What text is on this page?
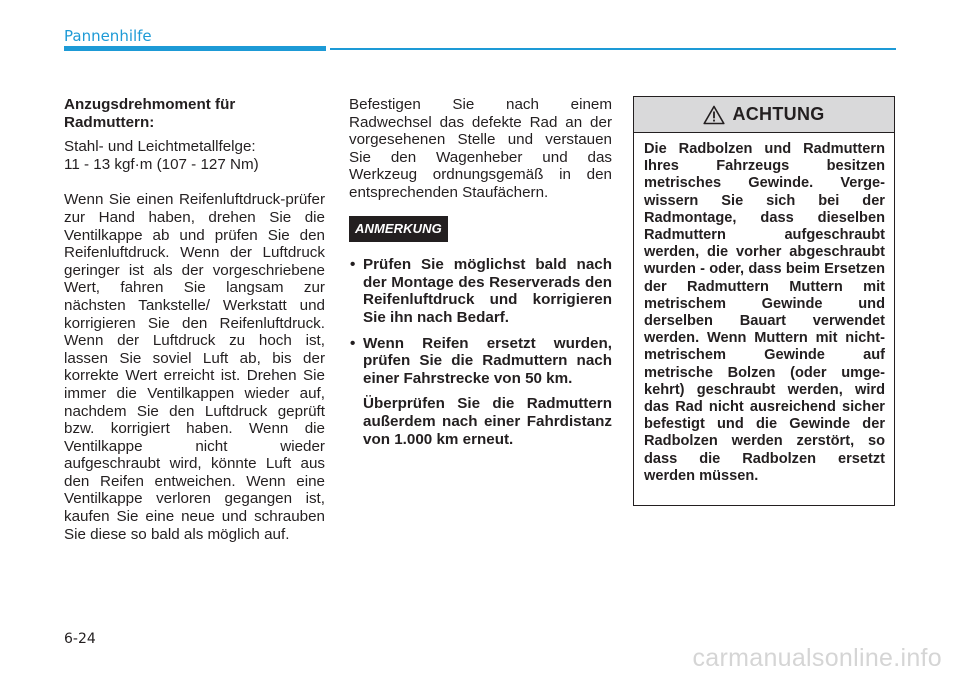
Pannenhilfe

Anzugsdrehmoment für Radmuttern:

Stahl- und Leichtmetallfelge:

11 - 13 kgf·m (107 - 127 Nm)

Wenn Sie einen Reifenluftdruck-prüfer zur Hand haben, drehen Sie die Ventilkappe ab und prüfen Sie den Reifenluftdruck. Wenn der Luftdruck geringer ist als der vorgeschriebene Wert, fahren Sie langsam zur nächsten Tankstelle/ Werkstatt und korrigieren Sie den Reifenluftdruck. Wenn der Luftdruck zu hoch ist, lassen Sie soviel Luft ab, bis der korrekte Wert erreicht ist. Drehen Sie immer die Ventilkappen wieder auf, nachdem Sie den Luftdruck geprüft bzw. korrigiert haben. Wenn die Ventilkappe nicht wieder aufgeschraubt wird, könnte Luft aus den Reifen entweichen. Wenn eine Ventilkappe verloren gegangen ist, kaufen Sie eine neue und schrauben Sie diese so bald als möglich auf.

Befestigen Sie nach einem Radwechsel das defekte Rad an der vorgesehenen Stelle und verstauen Sie den Wagenheber und das Werkzeug ordnungsgemäß in den entsprechenden Staufächern.

ANMERKUNG
• Prüfen Sie möglichst bald nach der Montage des Reserverads den Reifenluftdruck und korrigieren Sie ihn nach Bedarf.
• Wenn Reifen ersetzt wurden, prüfen Sie die Radmuttern nach einer Fahrstrecke von 50 km.

Überprüfen Sie die Radmuttern außerdem nach einer Fahrdistanz von 1.000 km erneut.

ACHTUNG
Die Radbolzen und Radmuttern Ihres Fahrzeugs besitzen metrisches Gewinde. Verge-wissern Sie sich bei der Radmontage, dass dieselben Radmuttern aufgeschraubt werden, die vorher abgeschraubt wurden - oder, dass beim Ersetzen der Radmuttern Muttern mit metrischem Gewinde und derselben Bauart verwendet werden. Wenn Muttern mit nicht-metrischem Gewinde auf metrische Bolzen (oder umge-kehrt) geschraubt werden, wird das Rad nicht ausreichend sicher befestigt und die Gewinde der Radbolzen werden zerstört, so dass die Radbolzen ersetzt werden müssen.
6-24
carmanualsonline.info
